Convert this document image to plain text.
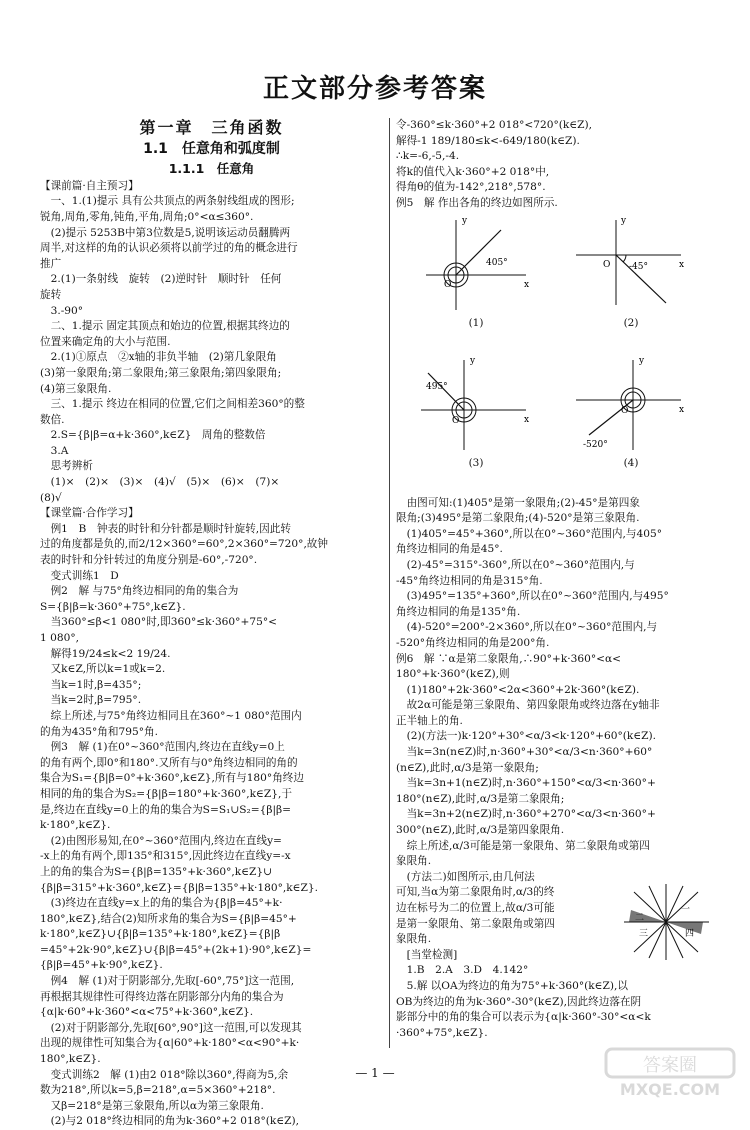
正文部分参考答案
第一章　三角函数
1.1　任意角和弧度制
1.1.1　任意角
【课前篇·自主预习】
　一、1.(1)提示 具有公共顶点的两条射线组成的图形;
锐角,周角,零角,钝角,平角,周角;0°<α≤360°.
　(2)提示 5253B中第3位数是5,说明该运动员翻腾两
周半,对这样的角的认识必须将以前学过的角的概念进行
推广
　2.(1)一条射线　旋转　(2)逆时针　顺时针　任何
旋转
　3.-90°
　二、1.提示 固定其顶点和始边的位置,根据其终边的
位置来确定角的大小与范围.
　2.(1)①原点　②x轴的非负半轴　(2)第几象限角
(3)第一象限角;第二象限角;第三象限角;第四象限角;
(4)第三象限角.
　三、1.提示 终边在相同的位置,它们之间相差360°的整
数倍.
　2.S={β|β=α+k·360°,k∈Z}　周角的整数倍
　3.A
　思考辨析
　(1)×　(2)×　(3)×　(4)√　(5)×　(6)×　(7)×
(8)√
【课堂篇·合作学习】
　例1　B　钟表的时针和分针都是顺时针旋转,因此转
过的角度都是负的,而2/12×360°=60°,2×360°=720°,故钟
表的时针和分针转过的角度分别是-60°,-720°.
　变式训练1　D
　例2　解 与75°角终边相同的角的集合为
S={β|β=k·360°+75°,k∈Z}.
　当360°≤β<1 080°时,即360°≤k·360°+75°<
1 080°,
　解得19/24≤k<2 19/24.
　又k∈Z,所以k=1或k=2.
　当k=1时,β=435°;
　当k=2时,β=795°.
　综上所述,与75°角终边相同且在360°~1 080°范围内
的角为435°角和795°角.
　例3　解 (1)在0°~360°范围内,终边在直线y=0上
的角有两个,即0°和180°.又所有与0°角终边相同的角的
集合为S₁={β|β=0°+k·360°,k∈Z},所有与180°角终边
相同的角的集合为S₂={β|β=180°+k·360°,k∈Z},于
是,终边在直线y=0上的角的集合为S=S₁∪S₂={β|β=
k·180°,k∈Z}.
　(2)由图形易知,在0°~360°范围内,终边在直线y=
-x上的角有两个,即135°和315°,因此终边在直线y=-x
上的角的集合为S={β|β=135°+k·360°,k∈Z}∪
{β|β=315°+k·360°,k∈Z}={β|β=135°+k·180°,k∈Z}.
　(3)终边在直线y=x上的角的集合为{β|β=45°+k·
180°,k∈Z},结合(2)知所求角的集合为S={β|β=45°+
k·180°,k∈Z}∪{β|β=135°+k·180°,k∈Z}={β|β
=45°+2k·90°,k∈Z}∪{β|β=45°+(2k+1)·90°,k∈Z}=
{β|β=45°+k·90°,k∈Z}.
　例4　解 (1)对于阴影部分,先取[-60°,75°]这一范围,
再根据其规律性可得终边落在阴影部分内角的集合为
{α|k·60°+k·360°<α<75°+k·360°,k∈Z}.
　(2)对于阴影部分,先取[60°,90°]这一范围,可以发现其
出现的规律性可知集合为{α|60°+k·180°<α<90°+k·
180°,k∈Z}.
　变式训练2　解 (1)由2 018°除以360°,得商为5,余
数为218°,所以k=5,β=218°,α=5×360°+218°.
　又β=218°是第三象限角,所以α为第三象限角.
　(2)与2 018°终边相同的角为k·360°+2 018°(k∈Z),
令-360°≤k·360°+2 018°<720°(k∈Z),
解得-1 189/180≤k<-649/180(k∈Z).
∴k=-6,-5,-4.
将k的值代入k·360°+2 018°中,
得角θ的值为-142°,218°,578°.
例5　解 作出各角的终边如图所示.
y
x
O
405°
(1)
y
x
O -45°
(2)
y
x
O
495°
(3)
y
x
O
-520°
(4)
　由图可知:(1)405°是第一象限角;(2)-45°是第四象
限角;(3)495°是第二象限角;(4)-520°是第三象限角.
　(1)405°=45°+360°,所以在0°~360°范围内,与405°
角终边相同的角是45°.
　(2)-45°=315°-360°,所以在0°~360°范围内,与
-45°角终边相同的角是315°角.
　(3)495°=135°+360°,所以在0°~360°范围内,与495°
角终边相同的角是135°角.
　(4)-520°=200°-2×360°,所以在0°~360°范围内,与
-520°角终边相同的角是200°角.
例6　解 ∵α是第二象限角,∴90°+k·360°<α<
180°+k·360°(k∈Z),则
　(1)180°+2k·360°<2α<360°+2k·360°(k∈Z).
　故2α可能是第三象限角、第四象限角或终边落在y轴非
正半轴上的角.
　(2)(方法一)k·120°+30°<α/3<k·120°+60°(k∈Z).
　当k=3n(n∈Z)时,n·360°+30°<α/3<n·360°+60°
(n∈Z),此时,α/3是第一象限角;
　当k=3n+1(n∈Z)时,n·360°+150°<α/3<n·360°+
180°(n∈Z),此时,α/3是第二象限角;
　当k=3n+2(n∈Z)时,n·360°+270°<α/3<n·360°+
300°(n∈Z),此时,α/3是第四象限角.
　综上所述,α/3可能是第一象限角、第二象限角或第四
象限角.
　(方法二)如图所示,由几何法
可知,当α为第二象限角时,α/3的终
边在标号为二的位置上,故α/3可能
是第一象限角、第二象限角或第四
象限角.
　[当堂检测]
　1.B　2.A　3.D　4.142°
　5.解 以OA为终边的角为75°+k·360°(k∈Z),以
OB为终边的角为k·360°-30°(k∈Z),因此终边落在阴
影部分中的角的集合可以表示为{α|k·360°-30°<α<k
·360°+75°,k∈Z}.
一
二
三	四
— 1 —	答案圈
MXQE.COM
